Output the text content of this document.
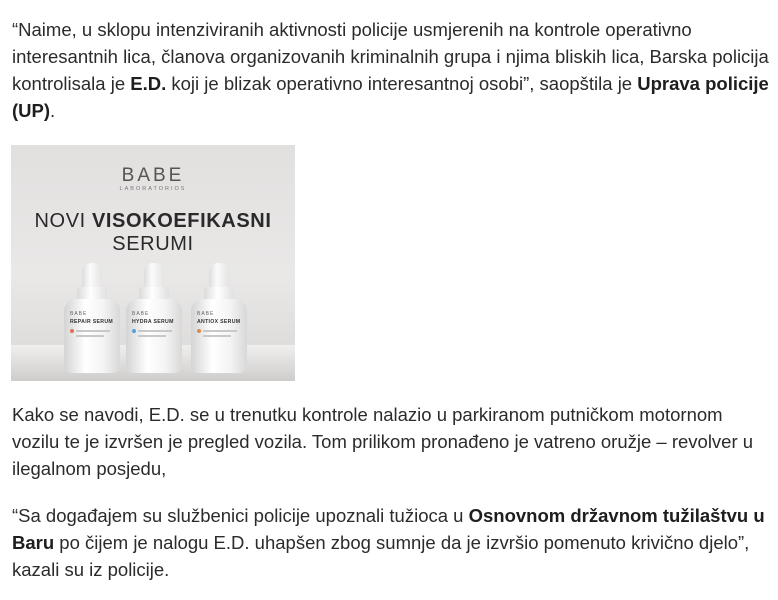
“Naime, u sklopu intenziviranih aktivnosti policije usmjerenih na kontrole operativno interesantnih lica, članova organizovanih kriminalnih grupa i njima bliskih lica, Barska policija kontrolisala je E.D. koji je blizak operativno interesantnoj osobi”, saopštila je Uprava policije (UP).

BABE
LABORATORIOS
NOVI VISOKOEFIKASNI
SERUMI
BABE
REPAIR SERUM
BABE
HYDRA SERUM
BABE
ANTIOX SERUM

Kako se navodi, E.D. se u trenutku kontrole nalazio u parkiranom putničkom motornom vozilu te je izvršen je pregled vozila. Tom prilikom pronađeno je vatreno oružje – revolver u ilegalnom posjedu,

“Sa događajem su službenici policije upoznali tužioca u Osnovnom državnom tužilaštvu u Baru po čijem je nalogu E.D. uhapšen zbog sumnje da je izvršio pomenuto krivično djelo”, kazali su iz policije.
